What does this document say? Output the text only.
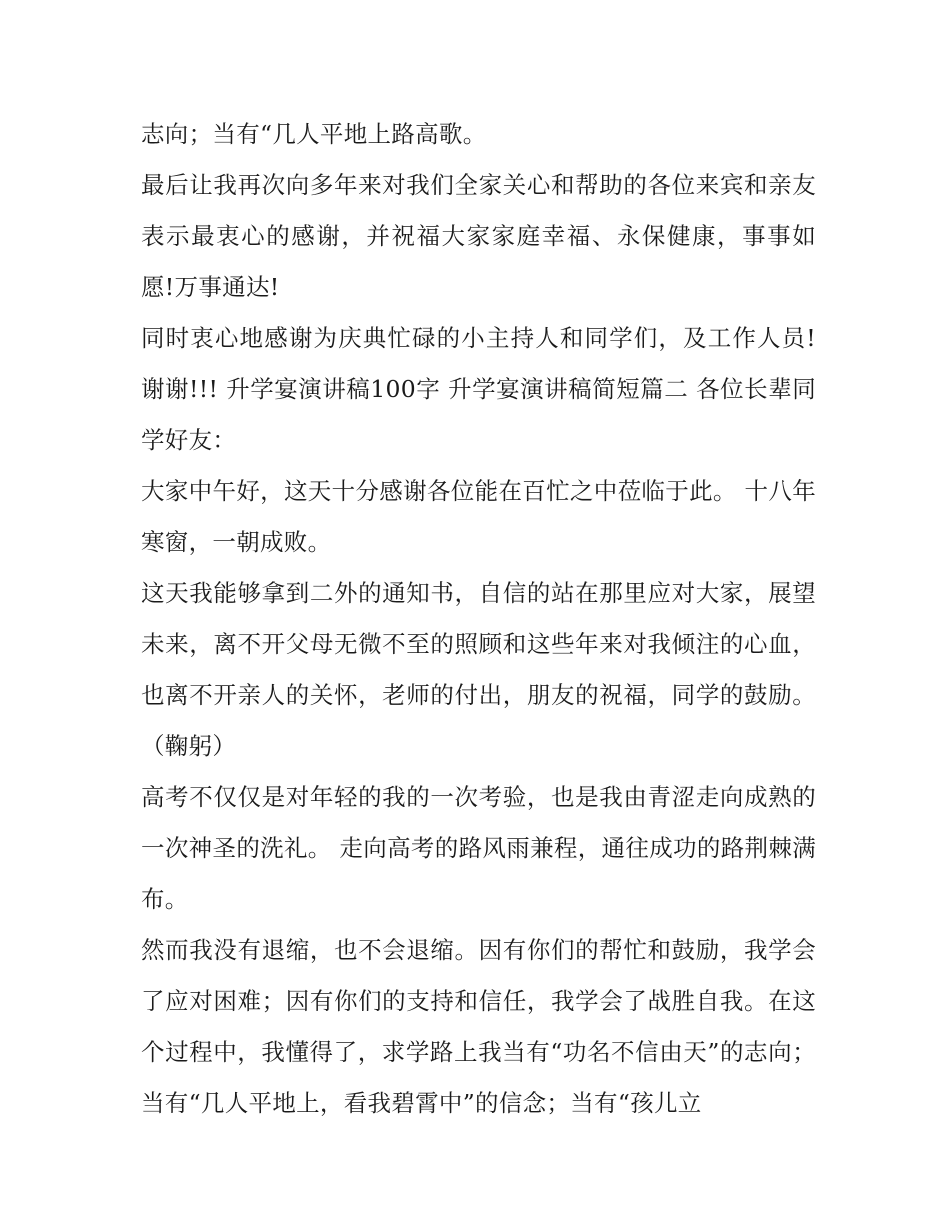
志向；当有“几人平地上路高歌。

最后让我再次向多年来对我们全家关心和帮助的各位来宾和亲友表示最衷心的感谢，并祝福大家家庭幸福、永保健康，事事如愿!万事通达!

同时衷心地感谢为庆典忙碌的小主持人和同学们，及工作人员!谢谢!!! 升学宴演讲稿100字 升学宴演讲稿简短篇二 各位长辈同学好友：

大家中午好，这天十分感谢各位能在百忙之中莅临于此。 十八年寒窗，一朝成败。

这天我能够拿到二外的通知书，自信的站在那里应对大家，展望未来，离不开父母无微不至的照顾和这些年来对我倾注的心血，也离不开亲人的关怀，老师的付出，朋友的祝福，同学的鼓励。（鞠躬）

高考不仅仅是对年轻的我的一次考验，也是我由青涩走向成熟的一次神圣的洗礼。 走向高考的路风雨兼程，通往成功的路荆棘满布。

然而我没有退缩，也不会退缩。因有你们的帮忙和鼓励，我学会了应对困难；因有你们的支持和信任，我学会了战胜自我。在这个过程中，我懂得了，求学路上我当有“功名不信由天”的志向；当有“几人平地上，看我碧霄中”的信念；当有“孩儿立
